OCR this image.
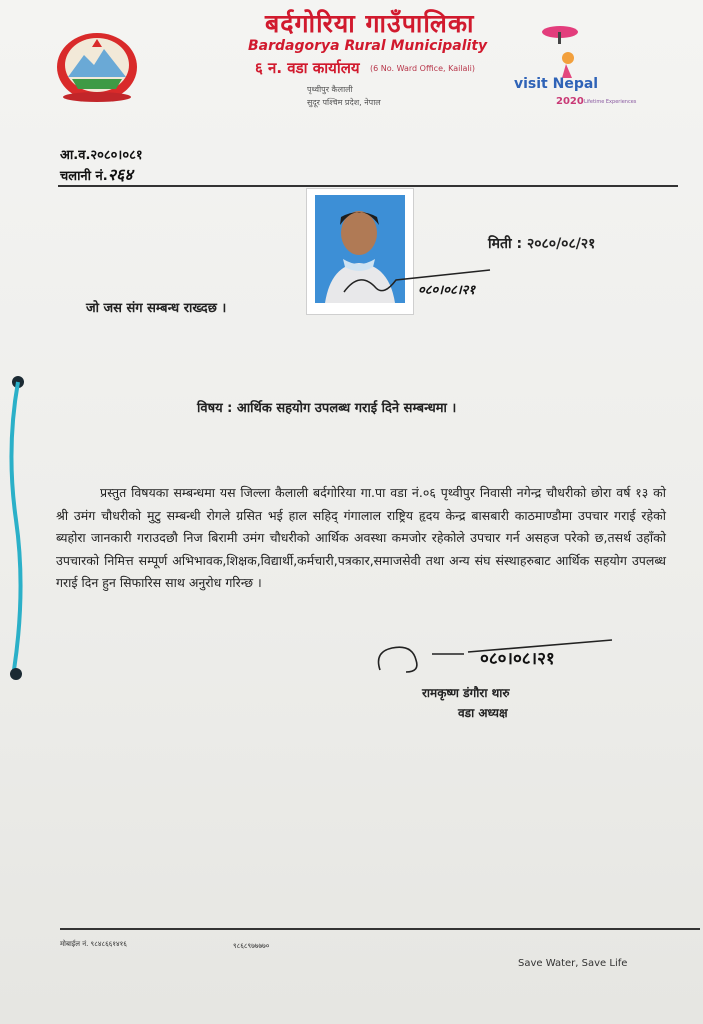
बर्दगोरिया गाउँपालिका
Bardagorya Rural Municipality
६ न. वडा कार्यालय (6 No. Ward Office, Kailali)
पृथ्वीपुर कैलाली
सुदूर पश्चिम प्रदेश, नेपाल
visit Nepal
2020 Lifetime Experiences
आ.व.२०८०।०८१
चलानी नं.२६४
०८०।०८।२१
मिती : २०८०/०८/२१
जो जस संग सम्बन्ध राख्दछ ।
विषय : आर्थिक सहयोग उपलब्ध गराई दिने सम्बन्धमा ।

प्रस्तुत विषयका सम्बन्धमा यस जिल्ला कैलाली बर्दगोरिया गा.पा वडा नं.०६ पृथ्वीपुर निवासी नगेन्द्र चौधरीको छोरा वर्ष १३ को श्री उमंग चौधरीको मुटु सम्बन्धी रोगले ग्रसित भई हाल सहिद् गंगालाल राष्ट्रिय हृदय केन्द्र बासबारी काठमाण्डौमा उपचार गराई रहेको ब्यहोरा जानकारी गराउदछौ निज बिरामी उमंग चौधरीको आर्थिक अवस्था कमजोर रहेकोले उपचार गर्न असहज परेको छ,तसर्थ उहाँको उपचारको निमित्त सम्पूर्ण अभिभावक,शिक्षक,विद्यार्थी,कर्मचारी,पत्रकार,समाजसेवी तथा अन्य संघ संस्थाहरुबाट आर्थिक सहयोग उपलब्ध गराई दिन हुन सिफारिस साथ अनुरोध गरिन्छ ।

०८०।०८।२१
रामकृष्ण डंगौरा थारु
वडा अध्यक्ष
मोबाईल नं. ९८४८६६१४१६	९८६८९७७७७०
Save Water, Save Life
